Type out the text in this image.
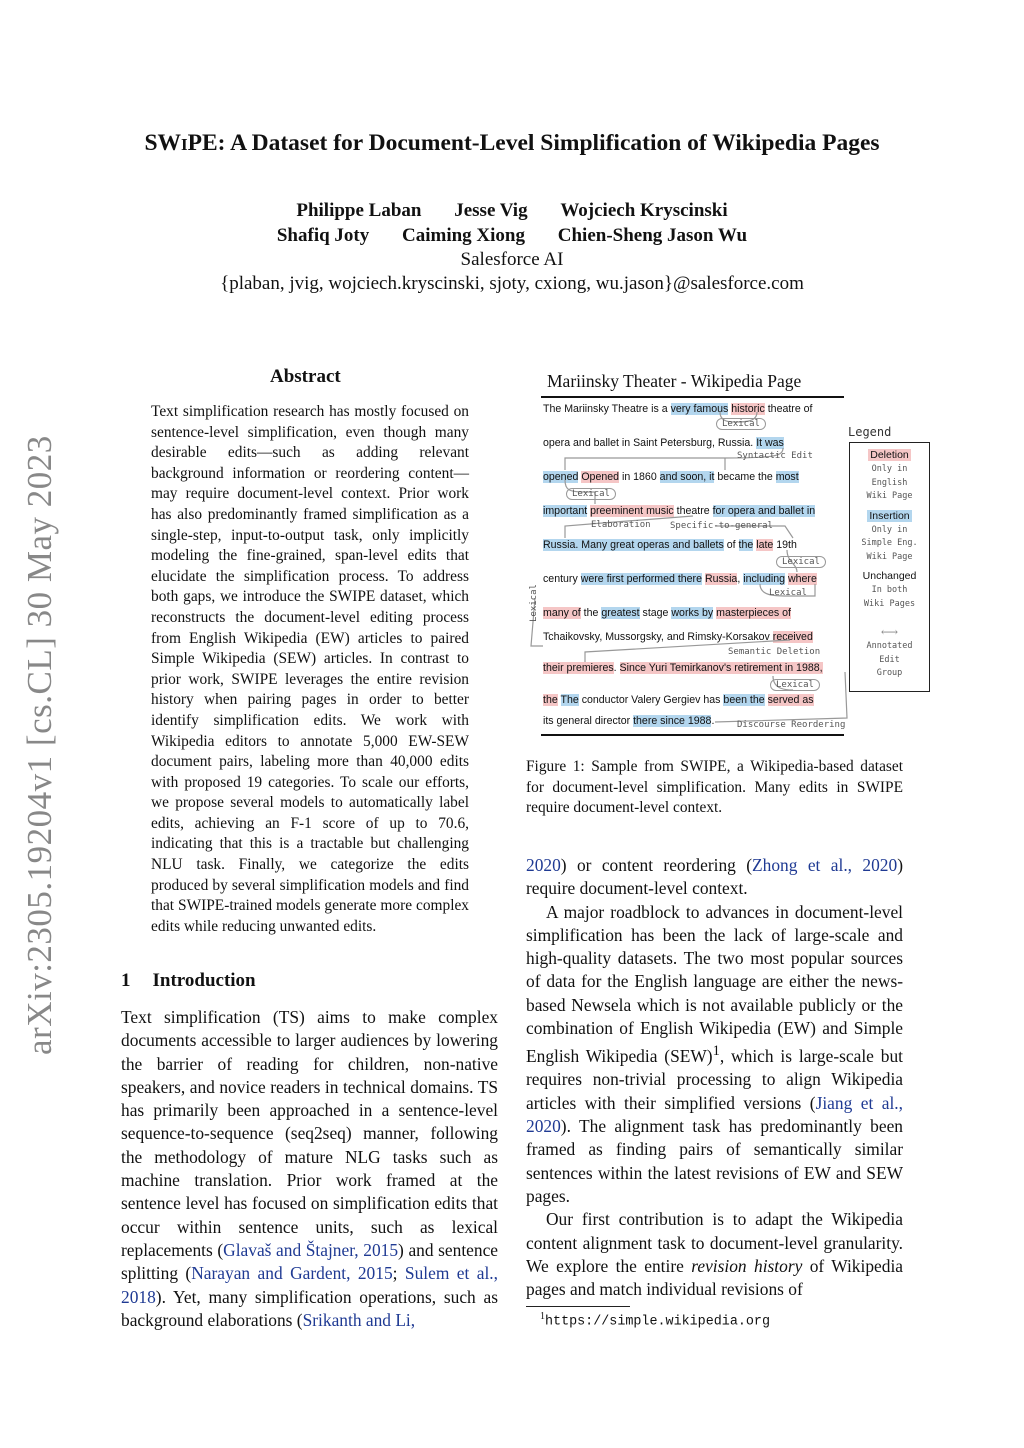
SWIPE: A Dataset for Document-Level Simplification of Wikipedia Pages
Philippe Laban Jesse Vig Wojciech Kryscinski
Shafiq Joty Caiming Xiong Chien-Sheng Jason Wu
Salesforce AI
{plaban, jvig, wojciech.kryscinski, sjoty, cxiong, wu.jason}@salesforce.com
arXiv:2305.19204v1 [cs.CL] 30 May 2023
Abstract
Text simplification research has mostly focused on sentence-level simplification, even though many desirable edits—such as adding relevant background information or reordering content—may require document-level context. Prior work has also predominantly framed simplification as a single-step, input-to-output task, only implicitly modeling the fine-grained, span-level edits that elucidate the simplification process. To address both gaps, we introduce the SWIPE dataset, which reconstructs the document-level editing process from English Wikipedia (EW) articles to paired Simple Wikipedia (SEW) articles. In contrast to prior work, SWIPE leverages the entire revision history when pairing pages in order to better identify simplification edits. We work with Wikipedia editors to annotate 5,000 EW-SEW document pairs, labeling more than 40,000 edits with proposed 19 categories. To scale our efforts, we propose several models to automatically label edits, achieving an F-1 score of up to 70.6, indicating that this is a tractable but challenging NLU task. Finally, we categorize the edits produced by several simplification models and find that SWIPE-trained models generate more complex edits while reducing unwanted edits.
1 Introduction
Text simplification (TS) aims to make complex documents accessible to larger audiences by lowering the barrier of reading for children, non-native speakers, and novice readers in technical domains. TS has primarily been approached in a sentence-level sequence-to-sequence (seq2seq) manner, following the methodology of mature NLG tasks such as machine translation. Prior work framed at the sentence level has focused on simplification edits that occur within sentence units, such as lexical replacements (Glavaš and Štajner, 2015) and sentence splitting (Narayan and Gardent, 2015; Sulem et al., 2018). Yet, many simplification operations, such as background elaborations (Srikanth and Li,

2020) or content reordering (Zhong et al., 2020) require document-level context.

A major roadblock to advances in document-level simplification has been the lack of large-scale and high-quality datasets. The two most popular sources of data for the English language are either the news-based Newsela which is not available publicly or the combination of English Wikipedia (EW) and Simple English Wikipedia (SEW)$^1$, which is large-scale but requires non-trivial processing to align Wikipedia articles with their simplified versions (Jiang et al., 2020). The alignment task has predominantly been framed as finding pairs of semantically similar sentences within the latest revisions of EW and SEW pages.

Our first contribution is to adapt the Wikipedia content alignment task to document-level granularity. We explore the entire revision history of Wikipedia pages and match individual revisions of

$^1$https://simple.wikipedia.org
Mariinsky Theater - Wikipedia Page
The Mariinsky Theatre is a very famous historic theatre of
opera and ballet in Saint Petersburg, Russia. It was
opened Opened in 1860 and soon, it became the most
important preeminent music theatre for opera and ballet in
Russia. Many great operas and ballets of the late 19th
century were first performed there Russia, including where
many of the greatest stage works by masterpieces of
Tchaikovsky, Mussorgsky, and Rimsky-Korsakov received
their premieres. Since Yuri Temirkanov's retirement in 1988,
the The conductor Valery Gergiev has been the served as
its general director there since 1988.
Lexical
Syntactic Edit
Lexical
Elaboration Specific-to-general
Lexical
Lexical
Lexical
Semantic Deletion
Lexical
Discourse Reordering
Legend
Deletion
Only in
English
Wiki Page
Insertion
Only in
Simple Eng.
Wiki Page
Unchanged
In both
Wiki Pages
⟷
Annotated
Edit
Group
Figure 1: Sample from SWIPE, a Wikipedia-based dataset for document-level simplification. Many edits in SWIPE require document-level context.
